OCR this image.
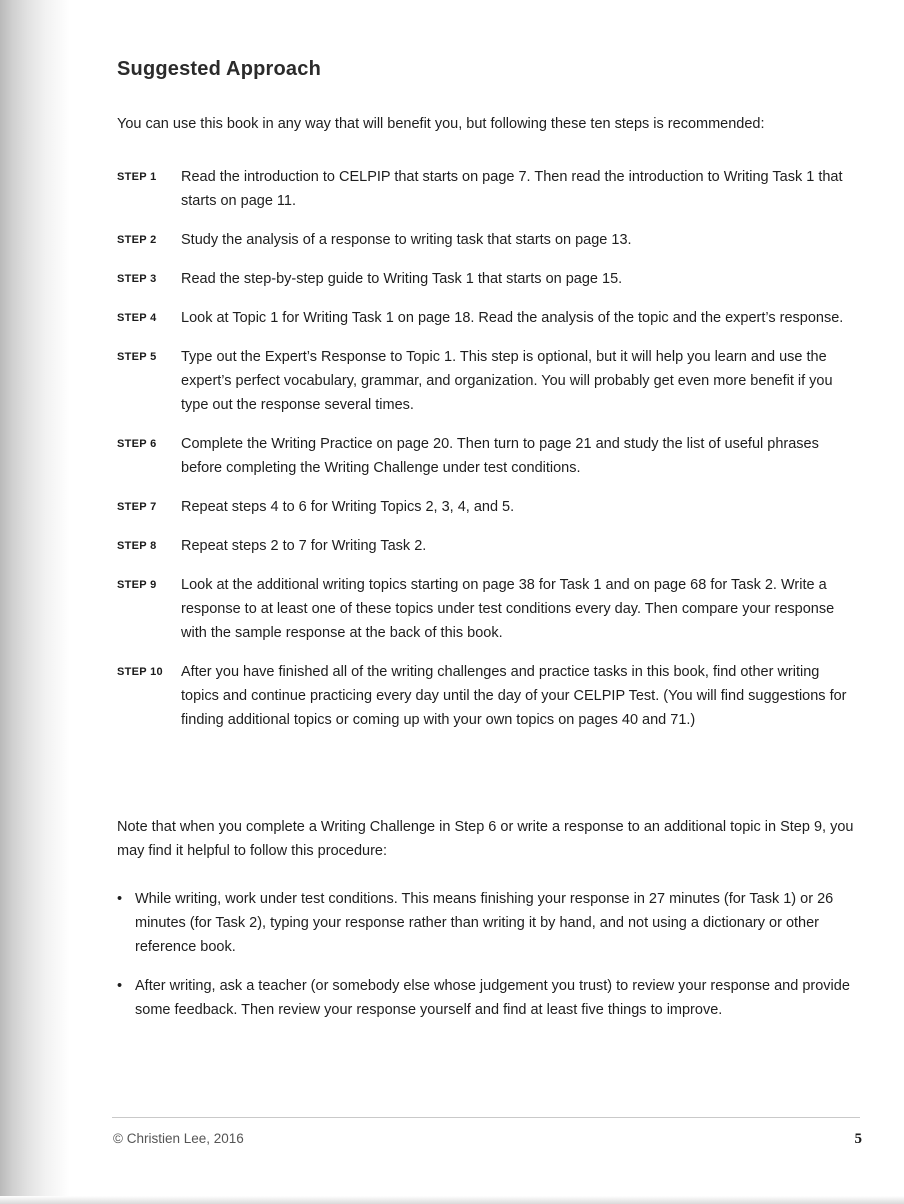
Suggested Approach

You can use this book in any way that will benefit you, but following these ten steps is recommended:

STEP 1	Read the introduction to CELPIP that starts on page 7. Then read the introduction to Writing Task 1 that starts on page 11.
STEP 2	Study the analysis of a response to writing task that starts on page 13.
STEP 3	Read the step-by-step guide to Writing Task 1 that starts on page 15.
STEP 4	Look at Topic 1 for Writing Task 1 on page 18. Read the analysis of the topic and the expert’s response.
STEP 5	Type out the Expert’s Response to Topic 1. This step is optional, but it will help you learn and use the expert’s perfect vocabulary, grammar, and organization. You will probably get even more benefit if you type out the response several times.
STEP 6	Complete the Writing Practice on page 20. Then turn to page 21 and study the list of useful phrases before completing the Writing Challenge under test conditions.
STEP 7	Repeat steps 4 to 6 for Writing Topics 2, 3, 4, and 5.
STEP 8	Repeat steps 2 to 7 for Writing Task 2.
STEP 9	Look at the additional writing topics starting on page 38 for Task 1 and on page 68 for Task 2. Write a response to at least one of these topics under test conditions every day. Then compare your response with the sample response at the back of this book.
STEP 10	After you have finished all of the writing challenges and practice tasks in this book, find other writing topics and continue practicing every day until the day of your CELPIP Test. (You will find suggestions for finding additional topics or coming up with your own topics on pages 40 and 71.)

Note that when you complete a Writing Challenge in Step 6 or write a response to an additional topic in Step 9, you may find it helpful to follow this procedure:

• While writing, work under test conditions. This means finishing your response in 27 minutes (for Task 1) or 26 minutes (for Task 2), typing your response rather than writing it by hand, and not using a dictionary or other reference book.
• After writing, ask a teacher (or somebody else whose judgement you trust) to review your response and provide some feedback. Then review your response yourself and find at least five things to improve.

© Christien Lee, 2016	5
